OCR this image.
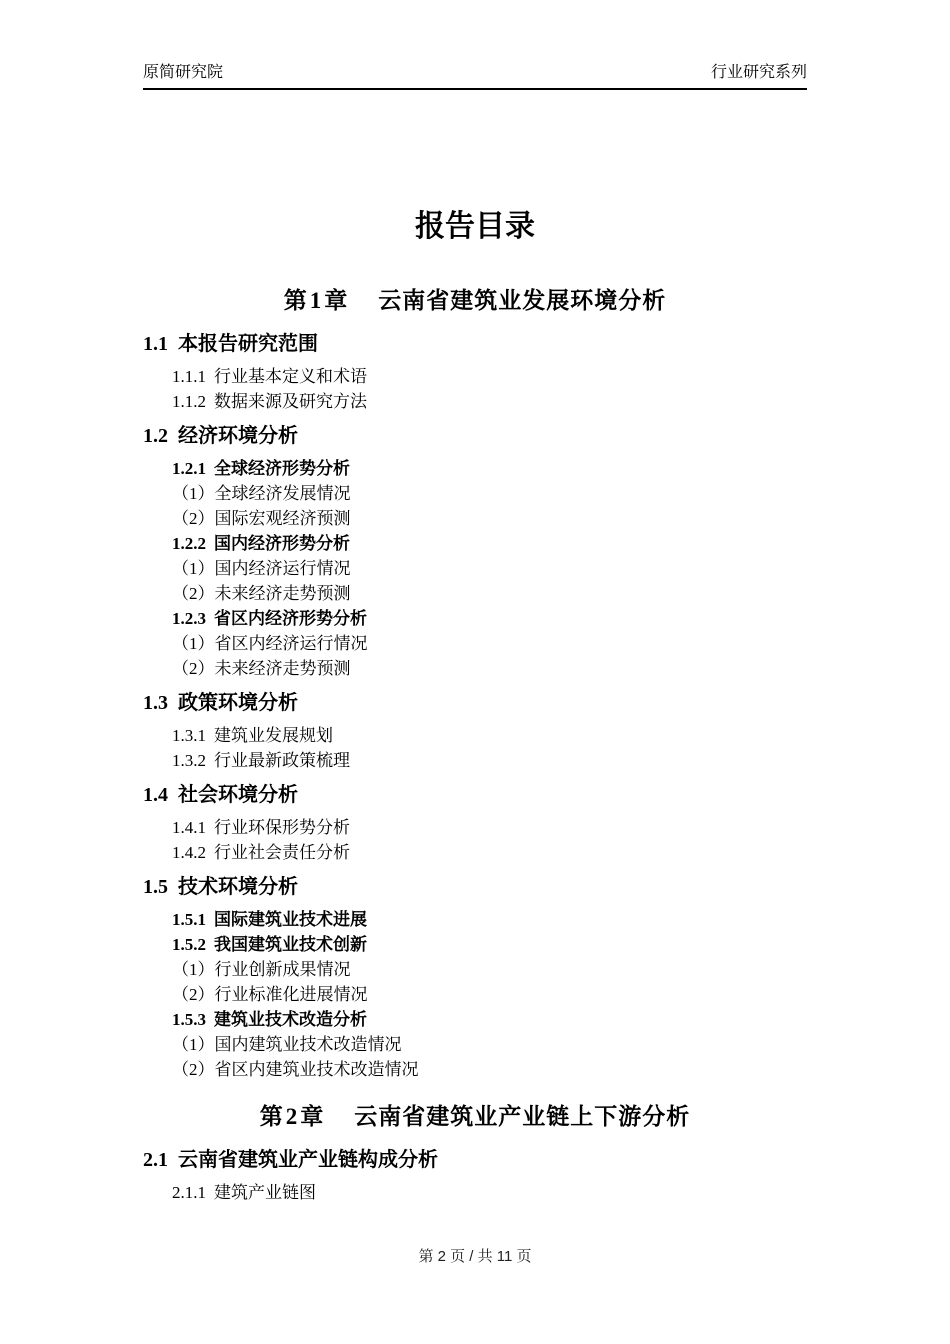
原简研究院	行业研究系列
报告目录
第1章 云南省建筑业发展环境分析
1.1 本报告研究范围
1.1.1 行业基本定义和术语
1.1.2 数据来源及研究方法
1.2 经济环境分析
1.2.1 全球经济形势分析
（1）全球经济发展情况
（2）国际宏观经济预测
1.2.2 国内经济形势分析
（1）国内经济运行情况
（2）未来经济走势预测
1.2.3 省区内经济形势分析
（1）省区内经济运行情况
（2）未来经济走势预测
1.3 政策环境分析
1.3.1 建筑业发展规划
1.3.2 行业最新政策梳理
1.4 社会环境分析
1.4.1 行业环保形势分析
1.4.2 行业社会责任分析
1.5 技术环境分析
1.5.1 国际建筑业技术进展
1.5.2 我国建筑业技术创新
（1）行业创新成果情况
（2）行业标准化进展情况
1.5.3 建筑业技术改造分析
（1）国内建筑业技术改造情况
（2）省区内建筑业技术改造情况
第2章 云南省建筑业产业链上下游分析
2.1 云南省建筑业产业链构成分析
2.1.1 建筑产业链图
第 2 页 / 共 11 页
